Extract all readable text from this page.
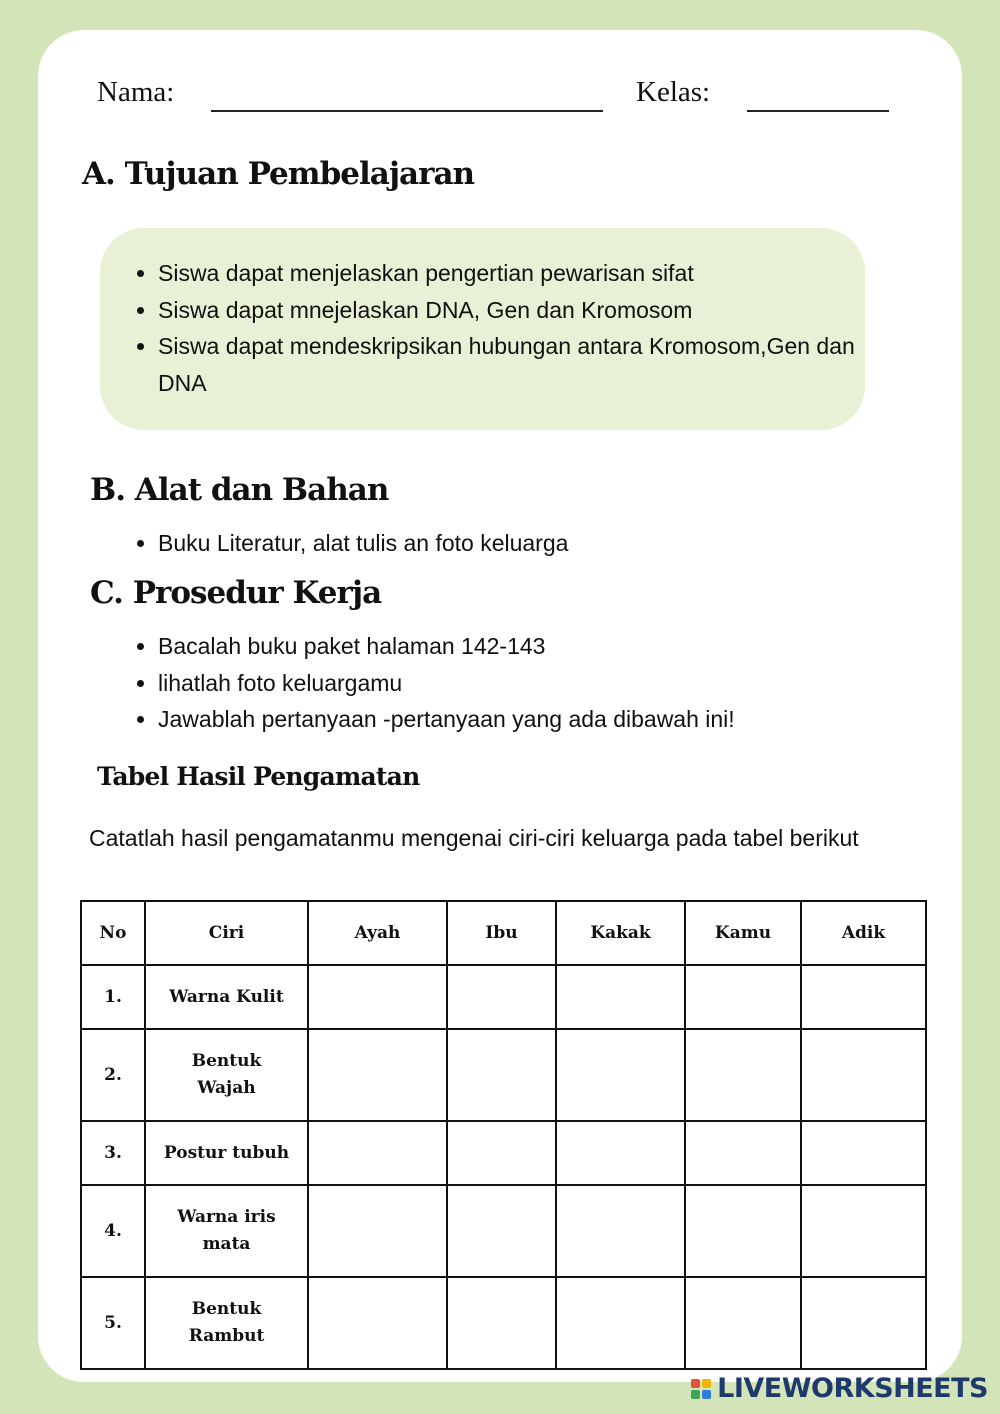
Nama:	Kelas:
A. Tujuan Pembelajaran
• Siswa dapat menjelaskan pengertian pewarisan sifat
• Siswa dapat mnejelaskan DNA, Gen dan Kromosom
• Siswa dapat mendeskripsikan hubungan antara Kromosom,Gen dan DNA
B. Alat dan Bahan
• Buku Literatur, alat tulis an foto keluarga
C. Prosedur Kerja
• Bacalah buku paket halaman 142-143
• lihatlah foto keluargamu
• Jawablah pertanyaan -pertanyaan yang ada dibawah ini!
Tabel Hasil Pengamatan

Catatlah hasil pengamatanmu mengenai ciri-ciri keluarga pada tabel berikut

No	Ciri	Ayah	Ibu	Kakak	Kamu	Adik
1.	Warna Kulit					
2.	Bentuk Wajah					
3.	Postur tubuh					
4.	Warna iris mata					
5.	Bentuk Rambut					
LIVEWORKSHEETS
